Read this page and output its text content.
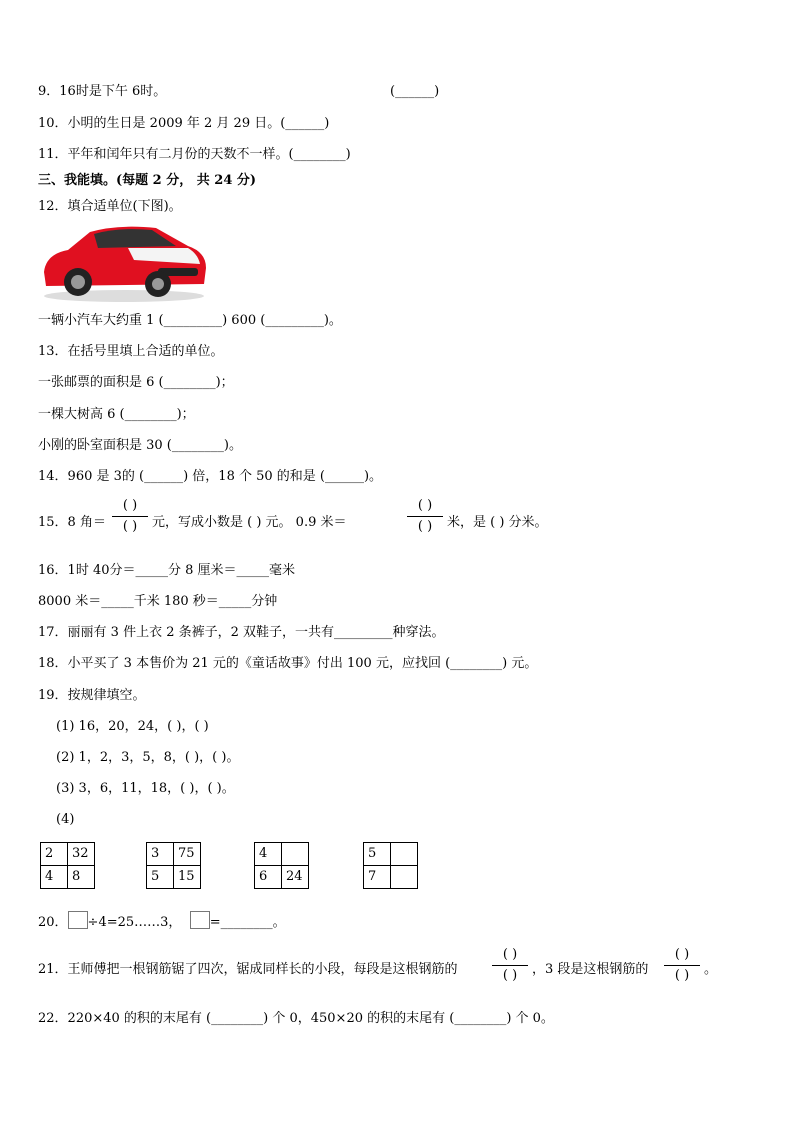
9．16时是下午 6时。	(______)
10．小明的生日是 2009 年 2 月 29 日。(______)
11．平年和闰年只有二月份的天数不一样。(________)
三、我能填。(每题 2 分， 共 24 分)
12．填合适单位(下图)。
一辆小汽车大约重 1 (_________) 600 (_________)。
13．在括号里填上合适的单位。
一张邮票的面积是 6 (________)；
一棵大树高 6 (________)；
小刚的卧室面积是 30 (________)。
14．960 是 3的 (______) 倍，18 个 50 的和是 (______)。
15．8 角＝
( )
( ) 元，写成小数是 ( ) 元。 0.9 米＝
( )
( ) 米，是 ( ) 分米。
16．1时 40分＝_____分 8 厘米＝_____毫米
8000 米＝_____千米 180 秒＝_____分钟
17．丽丽有 3 件上衣 2 条裤子，2 双鞋子，一共有_________种穿法。
18．小平买了 3 本售价为 21 元的《童话故事》付出 100 元，应找回 (________) 元。
19．按规律填空。
(1) 16，20，24，( )，( )
(2) 1，2，3，5，8，( )，( )。
(3) 3，6，11，18，( )，( )。
(4)
2	32
4	8
3	75
5	15
4	
6	24
5	
7	
20． ÷4=25……3， =________。
21．王师傅把一根钢筋锯了四次，锯成同样长的小段，每段是这根钢筋的
( )
( ) ，3 段是这根钢筋的
( )
( ) 。
22．220×40 的积的末尾有 (________) 个 0，450×20 的积的末尾有 (________) 个 0。
